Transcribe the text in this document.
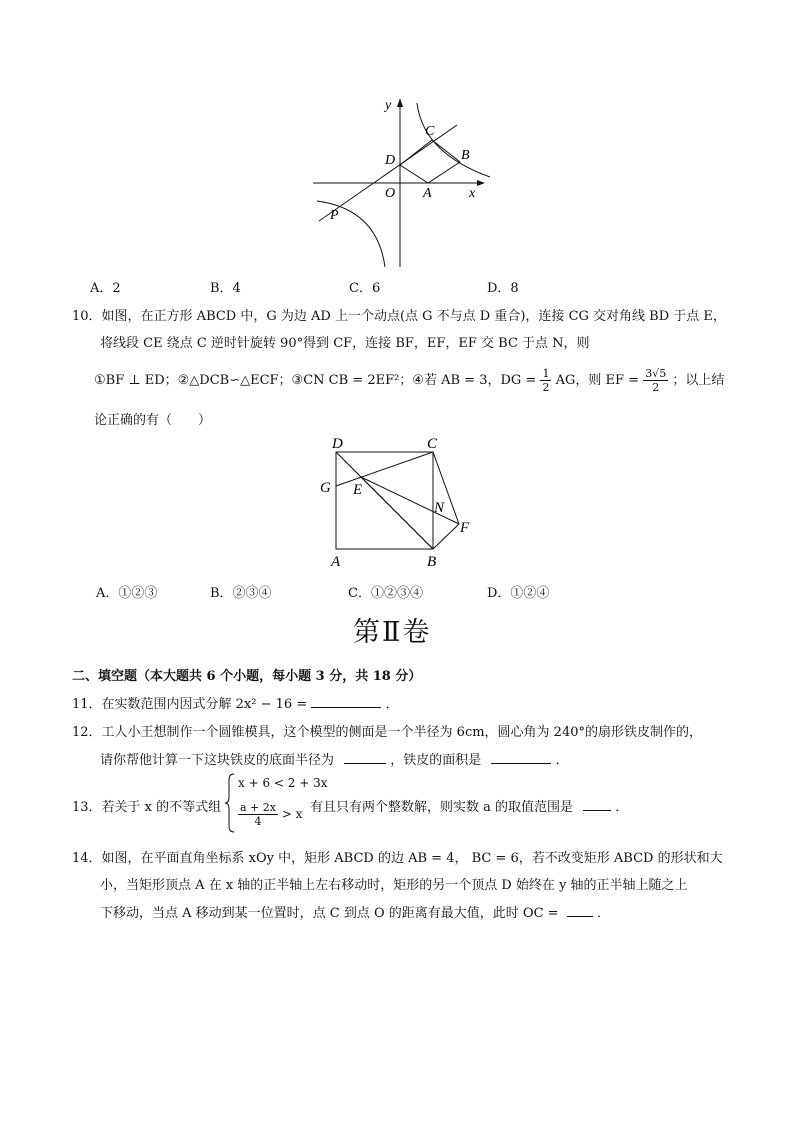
y
x
O A
B
C
D
P
A．2	B．4	C．6	D．8
10．如图，在正方形 ABCD 中，G 为边 AD 上一个动点(点 G 不与点 D 重合)，连接 CG 交对角线 BD 于点 E，
将线段 CE 绕点 C 逆时针旋转 90°得到 CF，连接 BF，EF，EF 交 BC 于点 N，则
①BF ⊥ ED；②△DCB∽△ECF；③CN CB = 2EF²；④若 AB = 3，DG = $\frac{1}{2}$ AG，则 EF = $\frac{3√5}{2}$ ；以上结
论正确的有（　　）
D	C
G E
N
F
A	B
A．①②③	B．②③④	C．①②③④	D．①②④
第Ⅱ卷
二、填空题（本大题共 6 个小题，每小题 3 分，共 18 分）
11．在实数范围内因式分解 2x² − 16 =	．
12．工人小王想制作一个圆锥模具，这个模型的侧面是一个半径为 6cm，圆心角为 240°的扇形铁皮制作的，
请你帮他计算一下这块铁皮的底面半径为	，铁皮的面积是	．
13．若关于 x 的不等式组
x + 6 < 2 + 3x
$\frac{a + 2x}{4} > x$ 有且只有两个整数解，则实数 a 的取值范围是	．
14．如图，在平面直角坐标系 xOy 中，矩形 ABCD 的边 AB = 4， BC = 6，若不改变矩形 ABCD 的形状和大
小，当矩形顶点 A 在 x 轴的正半轴上左右移动时，矩形的另一个顶点 D 始终在 y 轴的正半轴上随之上
下移动，当点 A 移动到某一位置时，点 C 到点 O 的距离有最大值，此时 OC =	．
